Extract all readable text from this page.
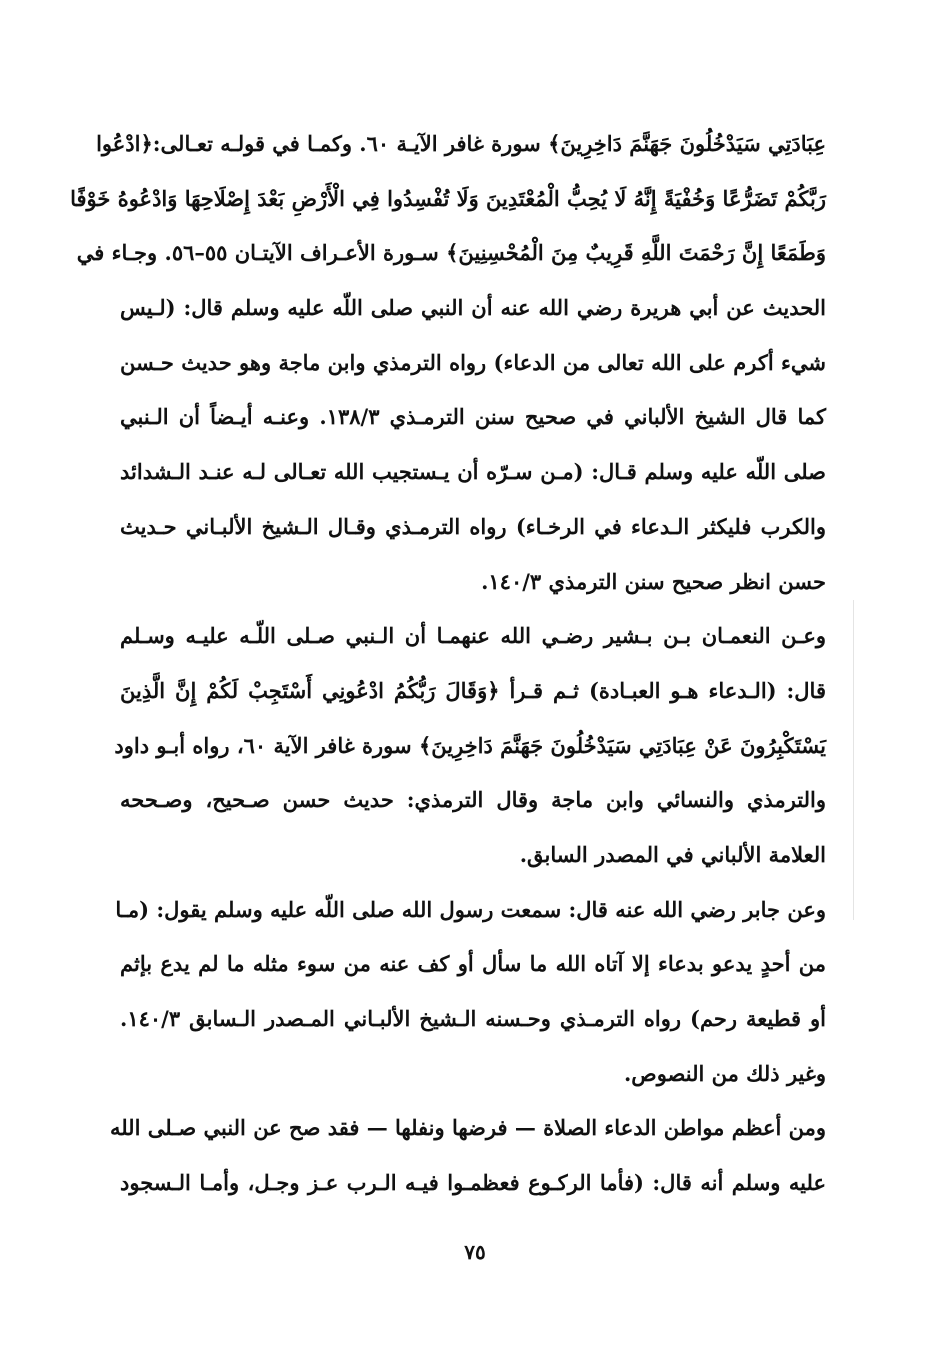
عِبَادَتِي سَيَدْخُلُونَ جَهَنَّمَ دَاخِرِينَ﴾ سورة غافر الآيـة ٦٠. وكمـا في قولـه تعـالى:﴿ادْعُوا
رَبَّكُمْ تَضَرُّعًا وَخُفْيَةً إِنَّهُ لَا يُحِبُّ الْمُعْتَدِينَ وَلَا تُفْسِدُوا فِي الْأَرْضِ بَعْدَ إِصْلَاحِهَا وَادْعُوهُ خَوْفًا
وَطَمَعًا إِنَّ رَحْمَتَ اللَّهِ قَرِيبٌ مِنَ الْمُحْسِنِينَ﴾ سـورة الأعـراف الآيتـان ٥٥–٥٦. وجـاء في
الحديث عن أبي هريرة رضي الله عنه أن النبي صلى اللّه عليه وسلم قال: (لـيس
شيء أكرم على الله تعالى من الدعاء) رواه الترمذي وابن ماجة وهو حديث حـسن
كما قال الشيخ الألباني في صحيح سنن الترمـذي ١٣٨/٣. وعنـه أيـضاً أن الـنبي
صلى اللّه عليه وسلم قـال: (مـن سـرّه أن يـستجيب الله تعـالى لـه عنـد الـشدائد
والكرب فليكثر الـدعاء في الرخـاء) رواه الترمـذي وقـال الـشيخ الألبـاني حـديث
حسن انظر صحيح سنن الترمذي ١٤٠/٣.
وعـن النعمـان بـن بـشير رضـي الله عنهمـا أن الـنبي صـلى اللّـه عليـه وسـلم
قال: (الـدعاء هـو العبـادة) ثـم قـرأ ﴿وَقَالَ رَبُّكُمُ ادْعُونِي أَسْتَجِبْ لَكُمْ إِنَّ الَّذِينَ
يَسْتَكْبِرُونَ عَنْ عِبَادَتِي سَيَدْخُلُونَ جَهَنَّمَ دَاخِرِينَ﴾ سورة غافر الآية ٦٠، رواه أبـو داود
والترمذي والنسائي وابن ماجة وقال الترمذي: حديث حسن صـحيح، وصـححه
العلامة الألباني في المصدر السابق.
وعن جابر رضي الله عنه قال: سمعت رسول الله صلى اللّه عليه وسلم يقول: (مـا
من أحدٍ يدعو بدعاء إلا آتاه الله ما سأل أو كف عنه من سوء مثله ما لم يدع بإثم
أو قطيعة رحم) رواه الترمـذي وحـسنه الـشيخ الألبـاني المـصدر الـسابق ١٤٠/٣.
وغير ذلك من النصوص.
ومن أعظم مواطن الدعاء الصلاة — فرضها ونفلها — فقد صح عن النبي صـلى الله
عليه وسلم أنه قال: (فأما الركـوع فعظمـوا فيـه الـرب عـز وجـل، وأمـا الـسجود
٧٥
